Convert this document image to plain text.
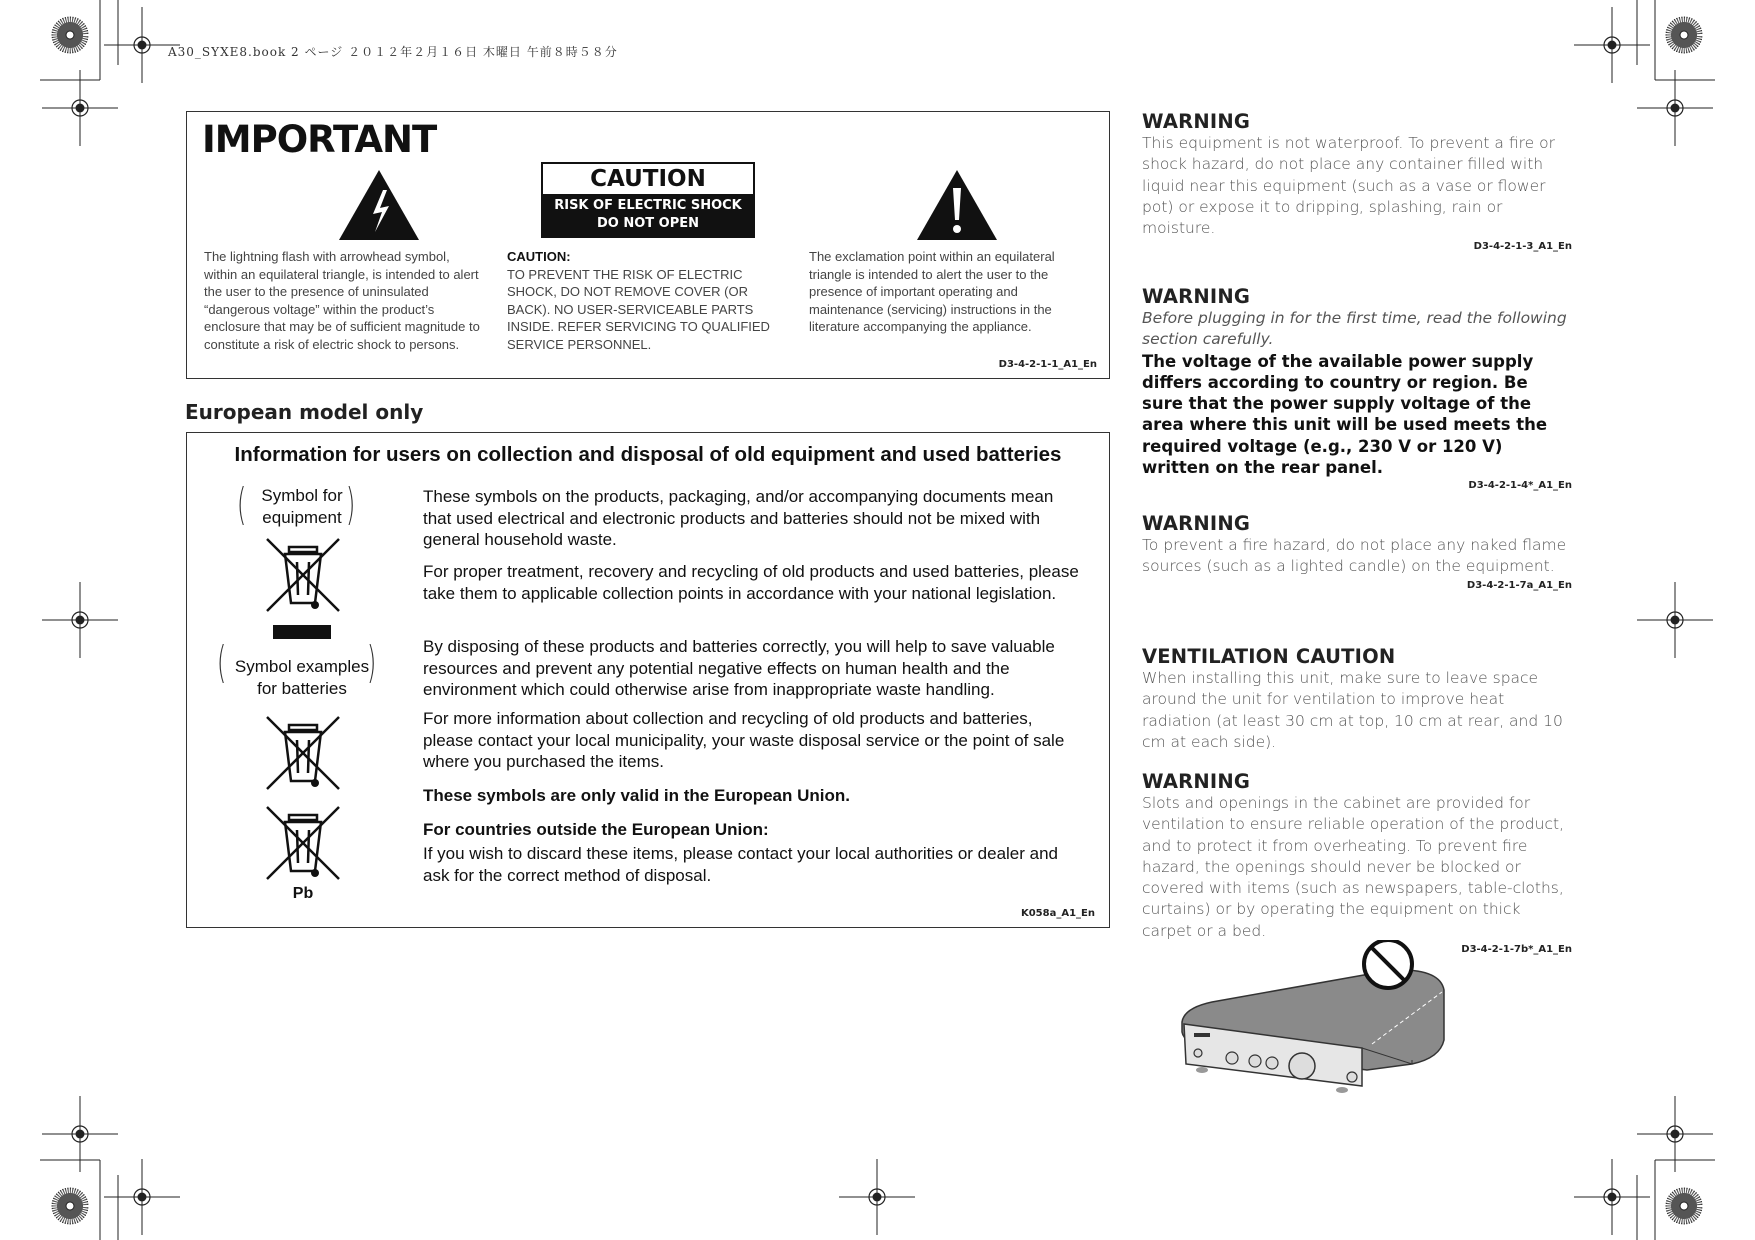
A30_SYXE8.book 2 ページ ２０１２年２月１６日 木曜日 午前８時５８分
IMPORTANT
CAUTION
RISK OF ELECTRIC SHOCK
DO NOT OPEN
The lightning flash with arrowhead symbol, within an equilateral triangle, is intended to alert the user to the presence of uninsulated “dangerous voltage” within the product’s enclosure that may be of sufficient magnitude to constitute a risk of electric shock to persons.
CAUTION:
TO PREVENT THE RISK OF ELECTRIC SHOCK, DO NOT REMOVE COVER (OR BACK). NO USER-SERVICEABLE PARTS INSIDE. REFER SERVICING TO QUALIFIED SERVICE PERSONNEL.
The exclamation point within an equilateral triangle is intended to alert the user to the presence of important operating and maintenance (servicing) instructions in the literature accompanying the appliance.
D3-4-2-1-1_A1_En
European model only
Information for users on collection and disposal of old equipment and used batteries
( )
Symbol for
equipment
(	)
Symbol examples
for batteries
Pb

These symbols on the products, packaging, and/or accompanying documents mean that used electrical and electronic products and batteries should not be mixed with general household waste.

For proper treatment, recovery and recycling of old products and used batteries, please take them to applicable collection points in accordance with your national legislation.

By disposing of these products and batteries correctly, you will help to save valuable resources and prevent any potential negative effects on human health and the environment which could otherwise arise from inappropriate waste handling.

For more information about collection and recycling of old products and batteries, please contact your local municipality, your waste disposal service or the point of sale where you purchased the items.

These symbols are only valid in the European Union.

For countries outside the European Union:

If you wish to discard these items, please contact your local authorities or dealer and ask for the correct method of disposal.

K058a_A1_En
WARNING

This equipment is not waterproof. To prevent a fire or shock hazard, do not place any container filled with liquid near this equipment (such as a vase or flower pot) or expose it to dripping, splashing, rain or moisture.

D3-4-2-1-3_A1_En
WARNING

Before plugging in for the first time, read the following section carefully.

The voltage of the available power supply differs according to country or region. Be sure that the power supply voltage of the area where this unit will be used meets the required voltage (e.g., 230 V or 120 V) written on the rear panel.

D3-4-2-1-4*_A1_En
WARNING

To prevent a fire hazard, do not place any naked flame sources (such as a lighted candle) on the equipment.

D3-4-2-1-7a_A1_En
VENTILATION CAUTION

When installing this unit, make sure to leave space around the unit for ventilation to improve heat radiation (at least 30 cm at top, 10 cm at rear, and 10 cm at each side).

WARNING

Slots and openings in the cabinet are provided for ventilation to ensure reliable operation of the product, and to protect it from overheating. To prevent fire hazard, the openings should never be blocked or covered with items (such as newspapers, table-cloths, curtains) or by operating the equipment on thick carpet or a bed.

D3-4-2-1-7b*_A1_En
